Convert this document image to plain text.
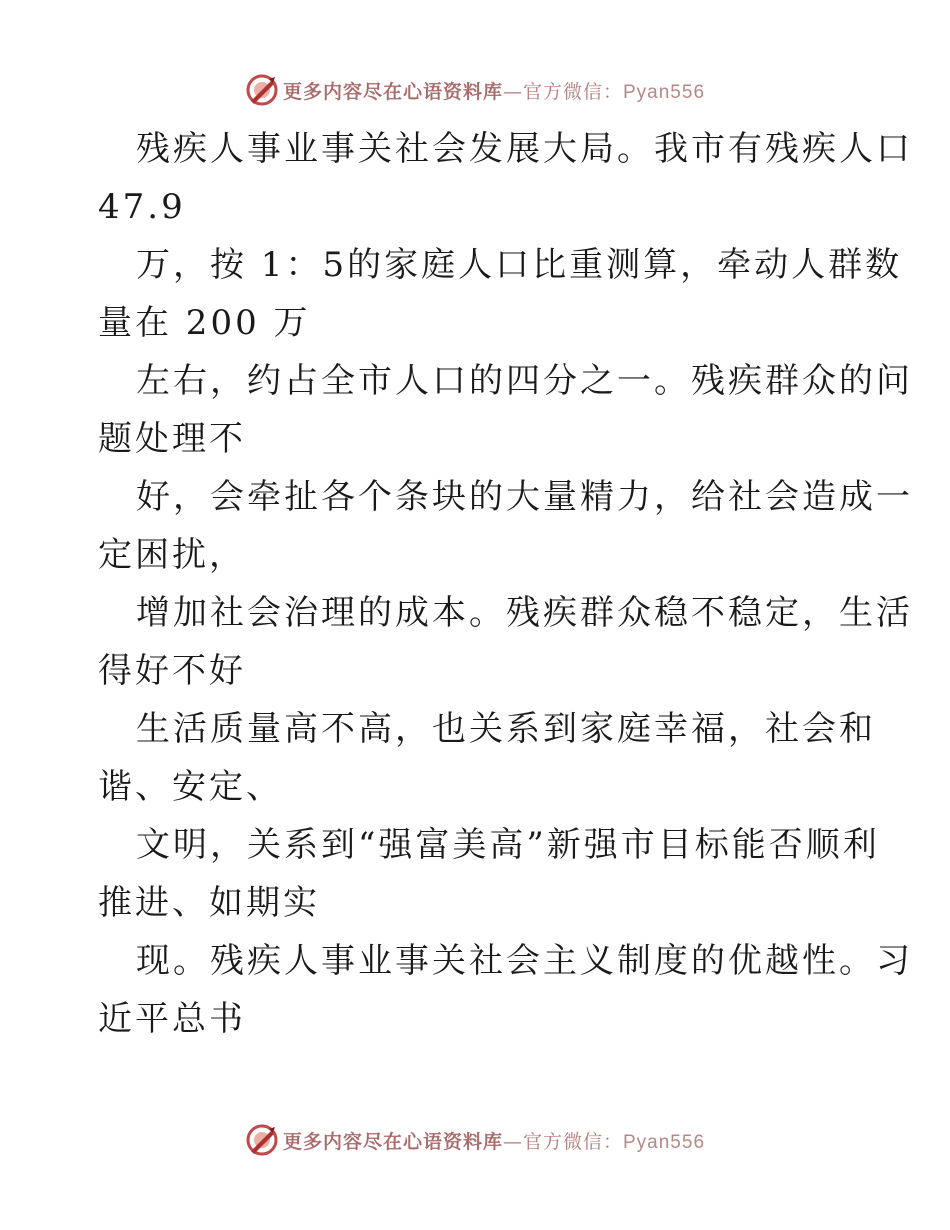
更多内容尽在心语资料库—官方微信：Pyan556
残疾人事业事关社会发展大局。我市有残疾人口
47.9
万，按 1：5的家庭人口比重测算，牵动人群数
量在 200 万
左右，约占全市人口的四分之一。残疾群众的问
题处理不
好，会牵扯各个条块的大量精力，给社会造成一
定困扰，
增加社会治理的成本。残疾群众稳不稳定，生活
得好不好
生活质量高不高，也关系到家庭幸福，社会和
谐、安定、
文明，关系到“强富美高”新强市目标能否顺利
推进、如期实
现。残疾人事业事关社会主义制度的优越性。习
近平总书
更多内容尽在心语资料库—官方微信：Pyan556
